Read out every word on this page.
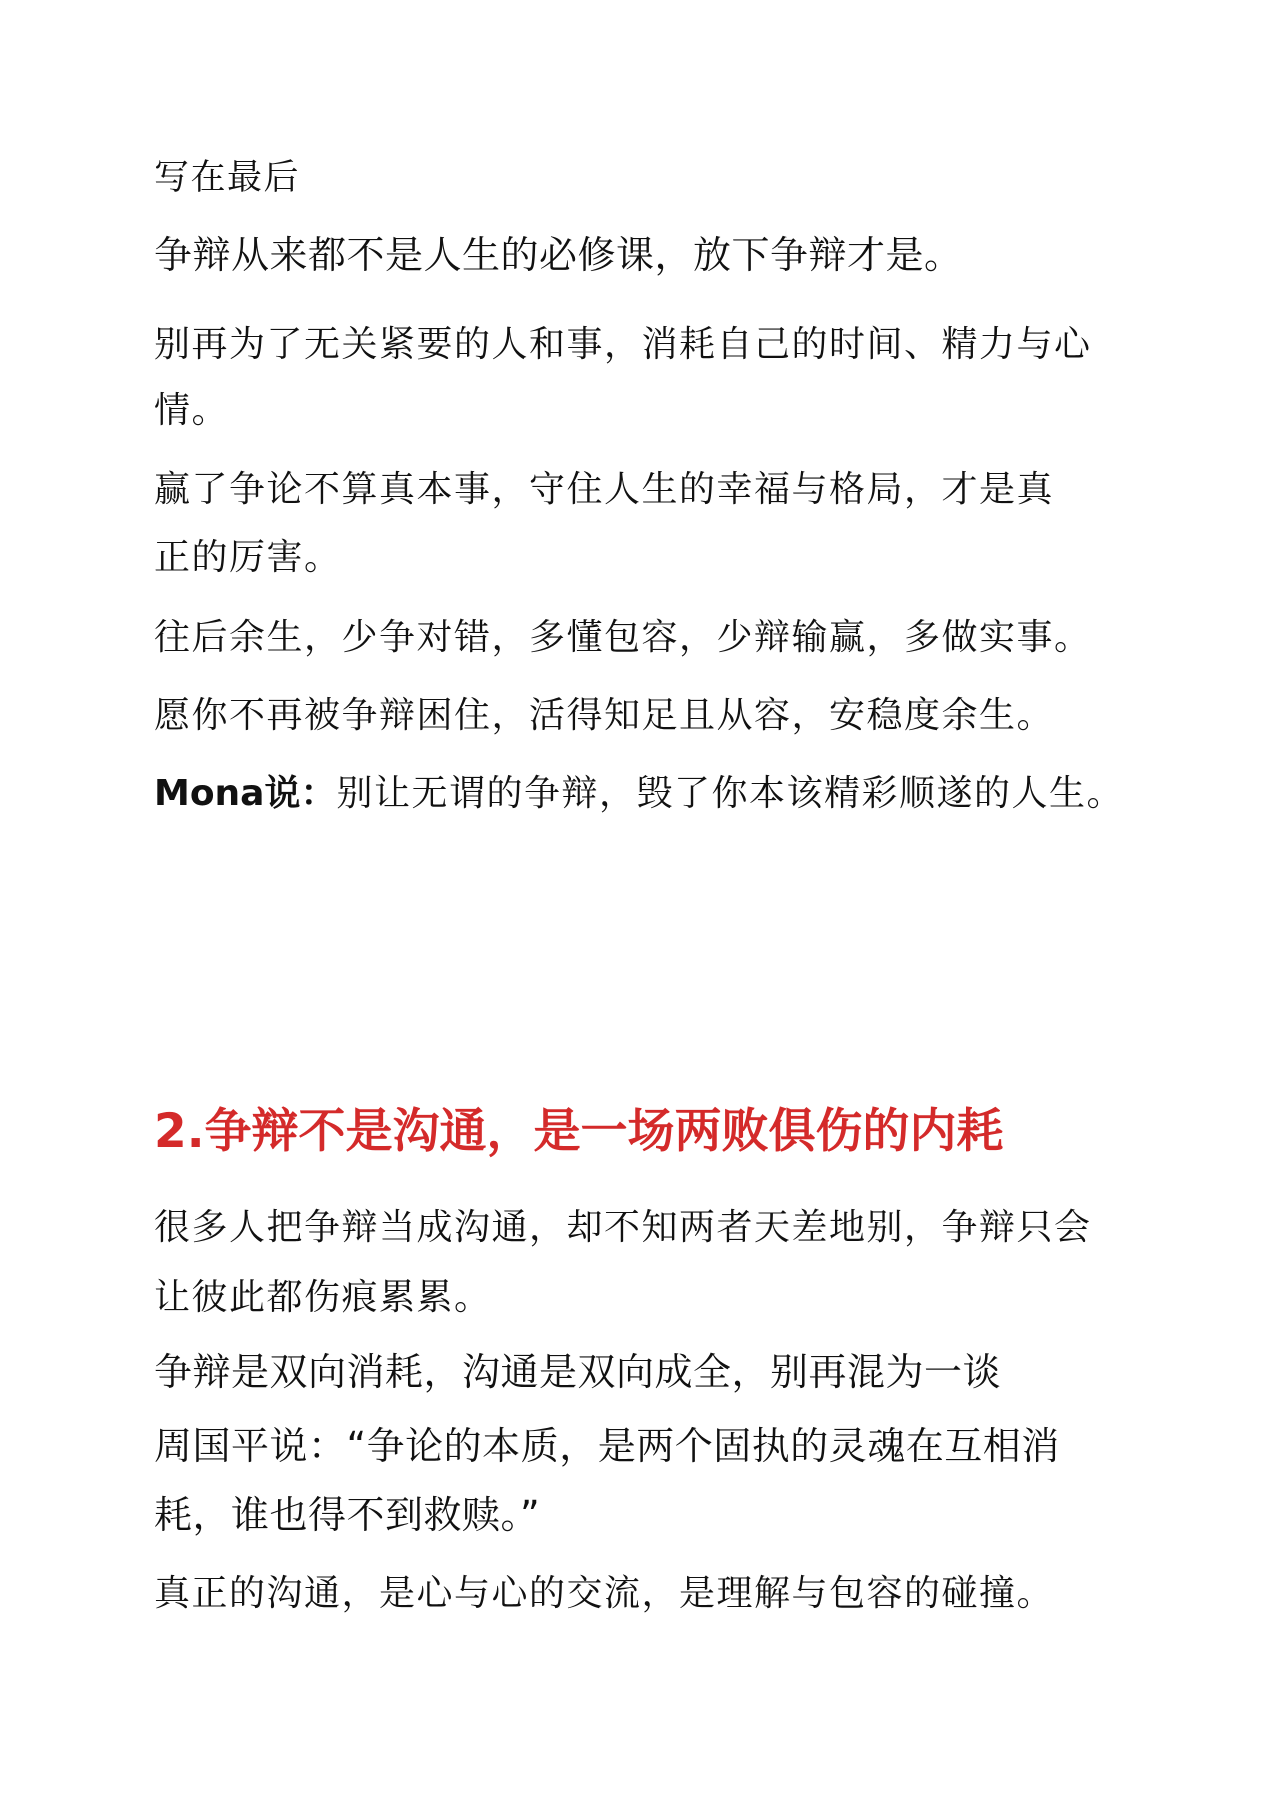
写在最后

争辩从来都不是人生的必修课，放下争辩才是。

别再为了无关紧要的人和事，消耗自己的时间、精力与心

情。

赢了争论不算真本事，守住人生的幸福与格局，才是真

正的厉害。

往后余生，少争对错，多懂包容，少辩输赢，多做实事。

愿你不再被争辩困住，活得知足且从容，安稳度余生。

Mona说：别让无谓的争辩，毁了你本该精彩顺遂的人生。

2.争辩不是沟通，是一场两败俱伤的内耗

很多人把争辩当成沟通，却不知两者天差地别，争辩只会

让彼此都伤痕累累。

争辩是双向消耗，沟通是双向成全，别再混为一谈

周国平说：“争论的本质，是两个固执的灵魂在互相消

耗，谁也得不到救赎。”

真正的沟通，是心与心的交流，是理解与包容的碰撞。
